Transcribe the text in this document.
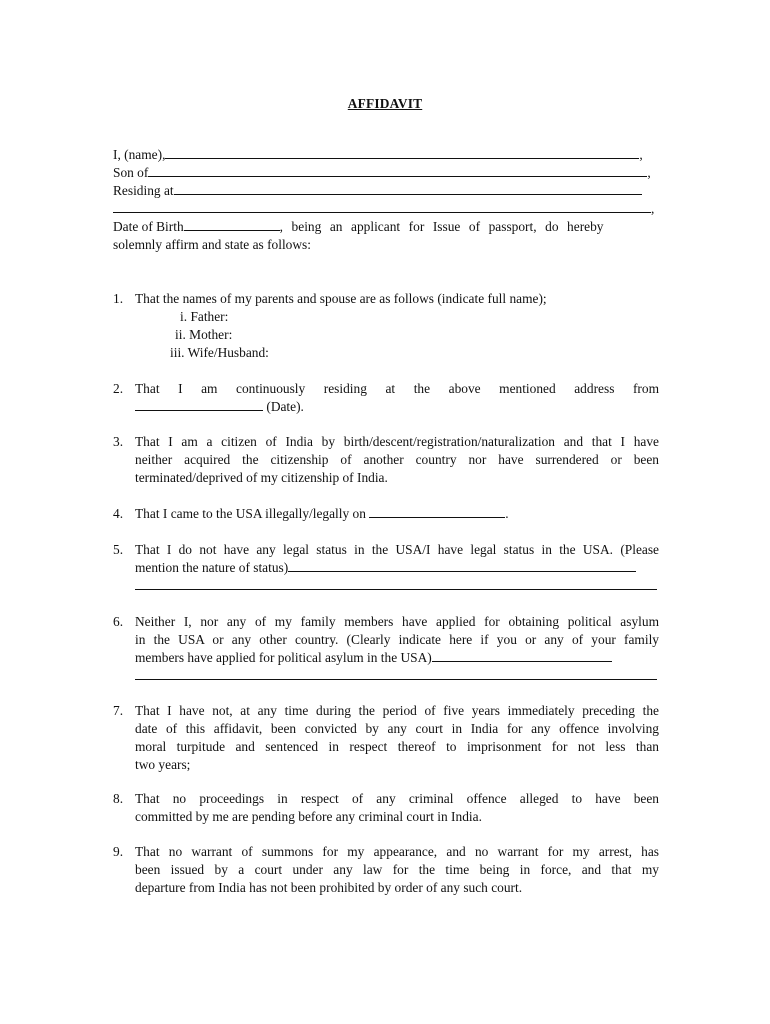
AFFIDAVIT
I, (name),	,
Son of	,
Residing at
,
Date of Birth	, being an applicant for Issue of passport, do hereby
solemnly affirm and state as follows:
1. That the names of my parents and spouse are as follows (indicate full name);
i. Father:
ii. Mother:
iii. Wife/Husband:
2. That I am continuously residing at the above mentioned address from
(Date).
3. That I am a citizen of India by birth/descent/registration/naturalization and that I have
neither acquired the citizenship of another country nor have surrendered or been
terminated/deprived of my citizenship of India.
4. That I came to the USA illegally/legally on	.
5. That I do not have any legal status in the USA/I have legal status in the USA. (Please
mention the nature of status)
6. Neither I, nor any of my family members have applied for obtaining political asylum
in the USA or any other country. (Clearly indicate here if you or any of your family
members have applied for political asylum in the USA)
7. That I have not, at any time during the period of five years immediately preceding the
date of this affidavit, been convicted by any court in India for any offence involving
moral turpitude and sentenced in respect thereof to imprisonment for not less than
two years;
8. That no proceedings in respect of any criminal offence alleged to have been
committed by me are pending before any criminal court in India.
9. That no warrant of summons for my appearance, and no warrant for my arrest, has
been issued by a court under any law for the time being in force, and that my
departure from India has not been prohibited by order of any such court.
